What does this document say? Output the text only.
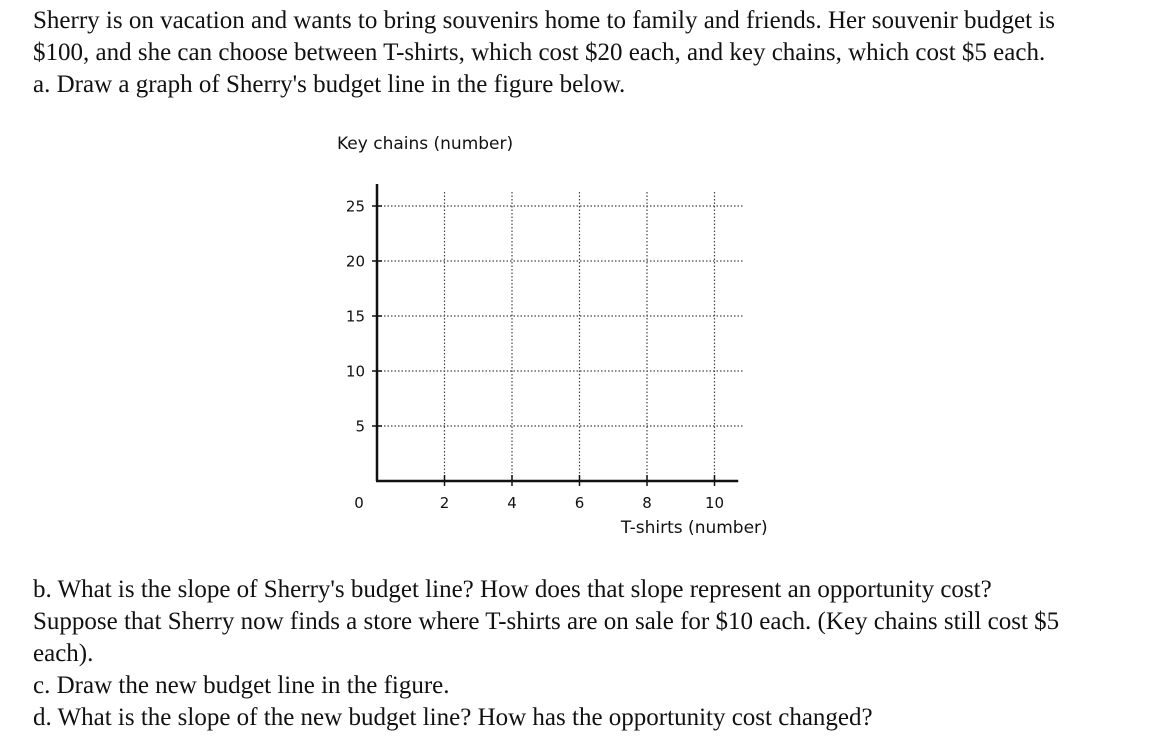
Sherry is on vacation and wants to bring souvenirs home to family and friends. Her souvenir budget is

$100, and she can choose between T-shirts, which cost $20 each, and key chains, which cost $5 each.

a. Draw a graph of Sherry's budget line in the figure below.

Key chains (number)
5
10
15
20
25
2	4	6	8	10
0
T-shirts (number)

b. What is the slope of Sherry's budget line? How does that slope represent an opportunity cost?

Suppose that Sherry now finds a store where T-shirts are on sale for $10 each. (Key chains still cost $5

each).

c. Draw the new budget line in the figure.

d. What is the slope of the new budget line? How has the opportunity cost changed?
